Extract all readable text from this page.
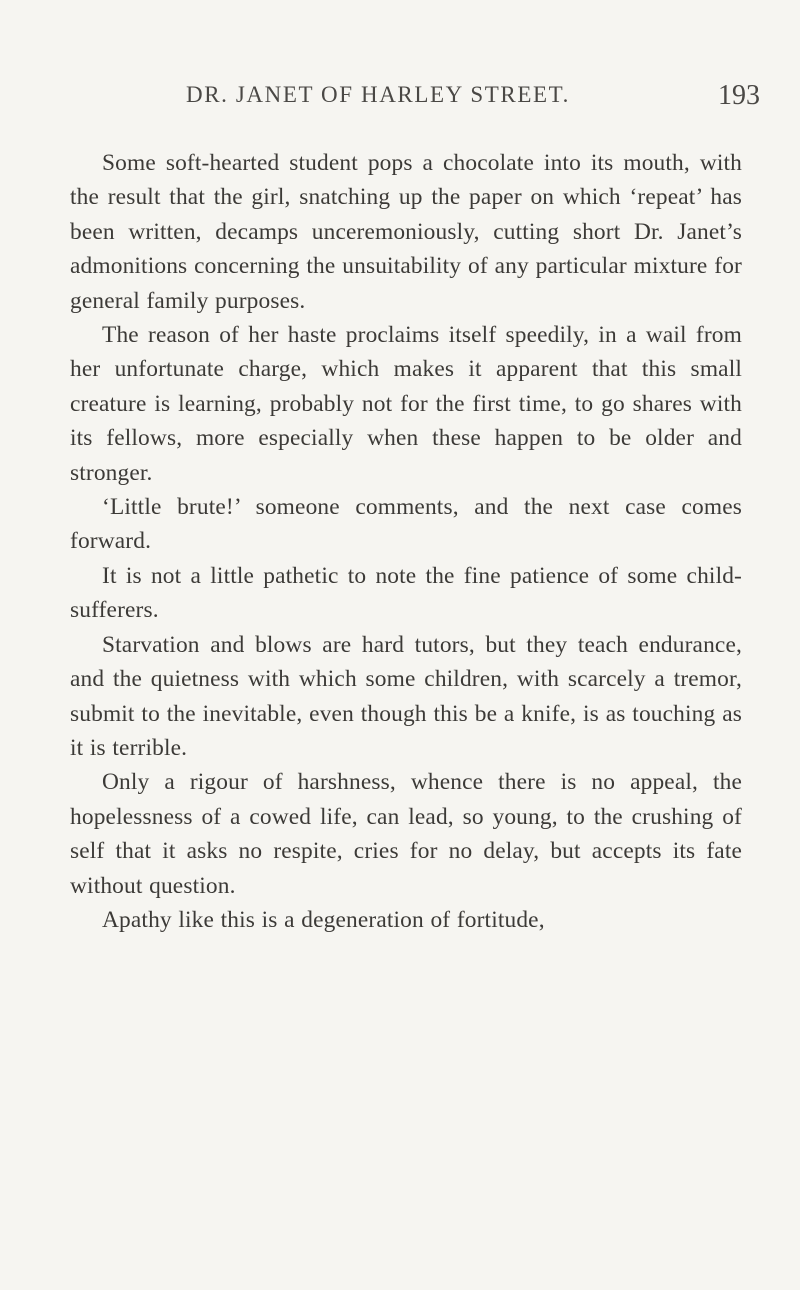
DR. JANET OF HARLEY STREET.	193

Some soft-hearted student pops a chocolate into its mouth, with the result that the girl, snatching up the paper on which ‘repeat’ has been written, decamps unceremoniously, cutting short Dr. Janet’s admonitions concerning the unsuitability of any particular mixture for general family purposes.

The reason of her haste proclaims itself speedily, in a wail from her unfortunate charge, which makes it apparent that this small creature is learning, probably not for the first time, to go shares with its fellows, more especially when these happen to be older and stronger.

‘Little brute!’ someone comments, and the next case comes forward.

It is not a little pathetic to note the fine patience of some child-sufferers.

Starvation and blows are hard tutors, but they teach endurance, and the quietness with which some children, with scarcely a tremor, submit to the inevitable, even though this be a knife, is as touching as it is terrible.

Only a rigour of harshness, whence there is no appeal, the hopelessness of a cowed life, can lead, so young, to the crushing of self that it asks no respite, cries for no delay, but accepts its fate without question.

Apathy like this is a degeneration of fortitude,
